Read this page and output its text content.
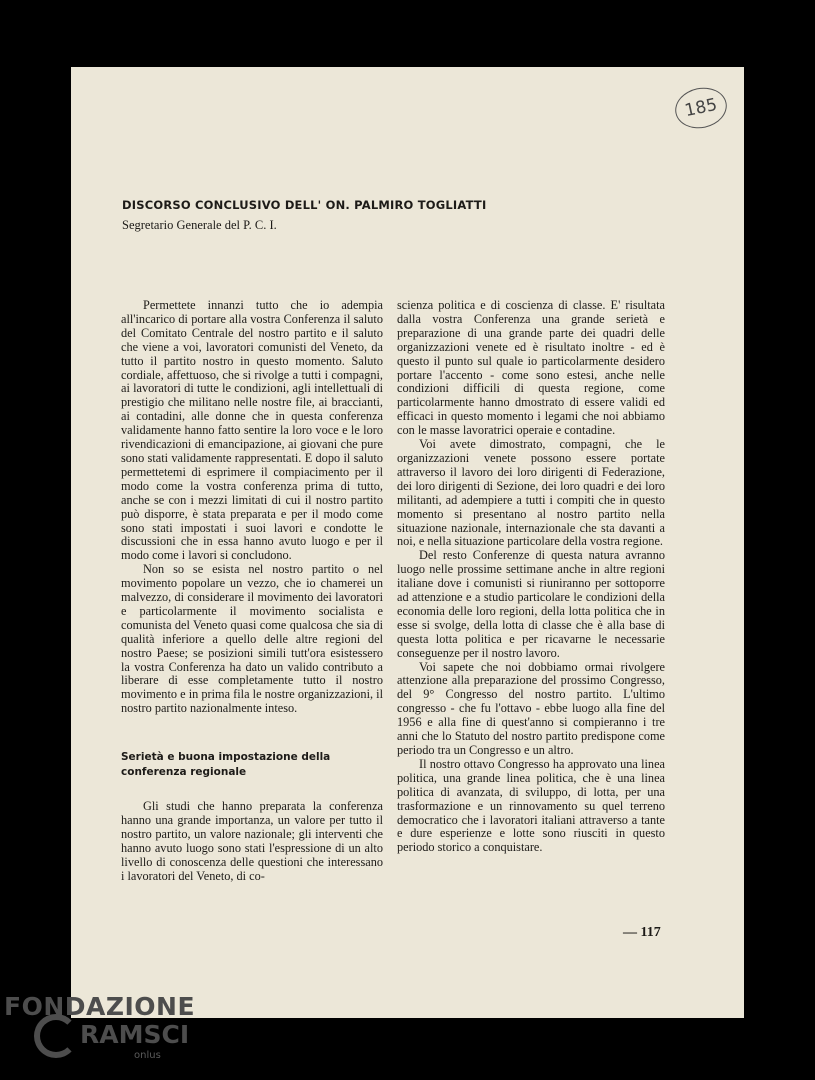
185
DISCORSO CONCLUSIVO DELL' ON. PALMIRO TOGLIATTI
Segretario Generale del P. C. I.

Permettete innanzi tutto che io adempia all'incarico di portare alla vostra Conferenza il saluto del Comitato Centrale del nostro partito e il saluto che viene a voi, lavoratori comunisti del Veneto, da tutto il partito nostro in questo momento. Saluto cordiale, affettuoso, che si rivolge a tutti i compagni, ai lavoratori di tutte le condizioni, agli intellettuali di prestigio che militano nelle nostre file, ai braccianti, ai contadini, alle donne che in questa conferenza validamente hanno fatto sentire la loro voce e le loro rivendicazioni di emancipazione, ai giovani che pure sono stati validamente rappresentati. E dopo il saluto permettetemi di esprimere il compiacimento per il modo come la vostra conferenza prima di tutto, anche se con i mezzi limitati di cui il nostro partito può disporre, è stata preparata e per il modo come sono stati impostati i suoi lavori e condotte le discussioni che in essa hanno avuto luogo e per il modo come i lavori si concludono.

Non so se esista nel nostro partito o nel movimento popolare un vezzo, che io chamerei un malvezzo, di considerare il movimento dei lavoratori e particolarmente il movimento socialista e comunista del Veneto quasi come qualcosa che sia di qualità inferiore a quello delle altre regioni del nostro Paese; se posizioni simili tutt'ora esistessero la vostra Conferenza ha dato un valido contributo a liberare di esse completamente tutto il nostro movimento e in prima fila le nostre organizzazioni, il nostro partito nazionalmente inteso.

Serietà e buona impostazione della conferenza regionale

Gli studi che hanno preparata la conferenza hanno una grande importanza, un valore per tutto il nostro partito, un valore nazionale; gli interventi che hanno avuto luogo sono stati l'espressione di un alto livello di conoscenza delle questioni che interessano i lavoratori del Veneto, di co-

scienza politica e di coscienza di classe. E' risultata dalla vostra Conferenza una grande serietà e preparazione di una grande parte dei quadri delle organizzazioni venete ed è risultato inoltre - ed è questo il punto sul quale io particolarmente desidero portare l'accento - come sono estesi, anche nelle condizioni difficili di questa regione, come particolarmente hanno dmostrato di essere validi ed efficaci in questo momento i legami che noi abbiamo con le masse lavoratrici operaie e contadine.

Voi avete dimostrato, compagni, che le organizzazioni venete possono essere portate attraverso il lavoro dei loro dirigenti di Federazione, dei loro dirigenti di Sezione, dei loro quadri e dei loro militanti, ad adempiere a tutti i compiti che in questo momento si presentano al nostro partito nella situazione nazionale, internazionale che sta davanti a noi, e nella situazione particolare della vostra regione.

Del resto Conferenze di questa natura avranno luogo nelle prossime settimane anche in altre regioni italiane dove i comunisti si riuniranno per sottoporre ad attenzione e a studio particolare le condizioni della economia delle loro regioni, della lotta politica che in esse si svolge, della lotta di classe che è alla base di questa lotta politica e per ricavarne le necessarie conseguenze per il nostro lavoro.

Voi sapete che noi dobbiamo ormai rivolgere attenzione alla preparazione del prossimo Congresso, del 9° Congresso del nostro partito. L'ultimo congresso - che fu l'ottavo - ebbe luogo alla fine del 1956 e alla fine di quest'anno si compieranno i tre anni che lo Statuto del nostro partito predispone come periodo tra un Congresso e un altro.

Il nostro ottavo Congresso ha approvato una linea politica, una grande linea politica, che è una linea politica di avanzata, di sviluppo, di lotta, per una trasformazione e un rinnovamento su quel terreno democratico che i lavoratori italiani attraverso a tante e dure esperienze e lotte sono riusciti in questo periodo storico a conquistare.

— 117
FONDAZIONE
RAMSCI
onlus
